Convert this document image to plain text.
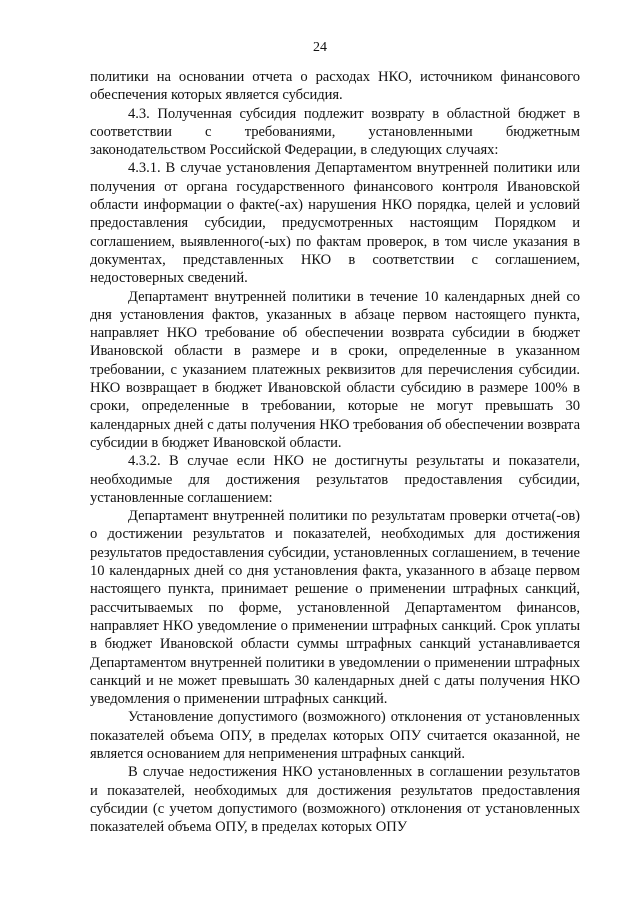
24

политики на основании отчета о расходах НКО, источником финансового обеспечения которых является субсидия.

4.3. Полученная субсидия подлежит возврату в областной бюджет в соответствии с требованиями, установленными бюджетным законодательством Российской Федерации, в следующих случаях:

4.3.1. В случае установления Департаментом внутренней политики или получения от органа государственного финансового контроля Ивановской области информации о факте(-ах) нарушения НКО порядка, целей и условий предоставления субсидии, предусмотренных настоящим Порядком и соглашением, выявленного(-ых) по фактам проверок, в том числе указания в документах, представленных НКО в соответствии с соглашением, недостоверных сведений.

Департамент внутренней политики в течение 10 календарных дней со дня установления фактов, указанных в абзаце первом настоящего пункта, направляет НКО требование об обеспечении возврата субсидии в бюджет Ивановской области в размере и в сроки, определенные в указанном требовании, с указанием платежных реквизитов для перечисления субсидии. НКО возвращает в бюджет Ивановской области субсидию в размере 100% в сроки, определенные в требовании, которые не могут превышать 30 календарных дней с даты получения НКО требования об обеспечении возврата субсидии в бюджет Ивановской области.

4.3.2. В случае если НКО не достигнуты результаты и показатели, необходимые для достижения результатов предоставления субсидии, установленные соглашением:

Департамент внутренней политики по результатам проверки отчета(-ов) о достижении результатов и показателей, необходимых для достижения результатов предоставления субсидии, установленных соглашением, в течение 10 календарных дней со дня установления факта, указанного в абзаце первом настоящего пункта, принимает решение о применении штрафных санкций, рассчитываемых по форме, установленной Департаментом финансов, направляет НКО уведомление о применении штрафных санкций. Срок уплаты в бюджет Ивановской области суммы штрафных санкций устанавливается Департаментом внутренней политики в уведомлении о применении штрафных санкций и не может превышать 30 календарных дней с даты получения НКО уведомления о применении штрафных санкций.

Установление допустимого (возможного) отклонения от установленных показателей объема ОПУ, в пределах которых ОПУ считается оказанной, не является основанием для неприменения штрафных санкций.

В случае недостижения НКО установленных в соглашении результатов и показателей, необходимых для достижения результатов предоставления субсидии (с учетом допустимого (возможного) отклонения от установленных показателей объема ОПУ, в пределах которых ОПУ
